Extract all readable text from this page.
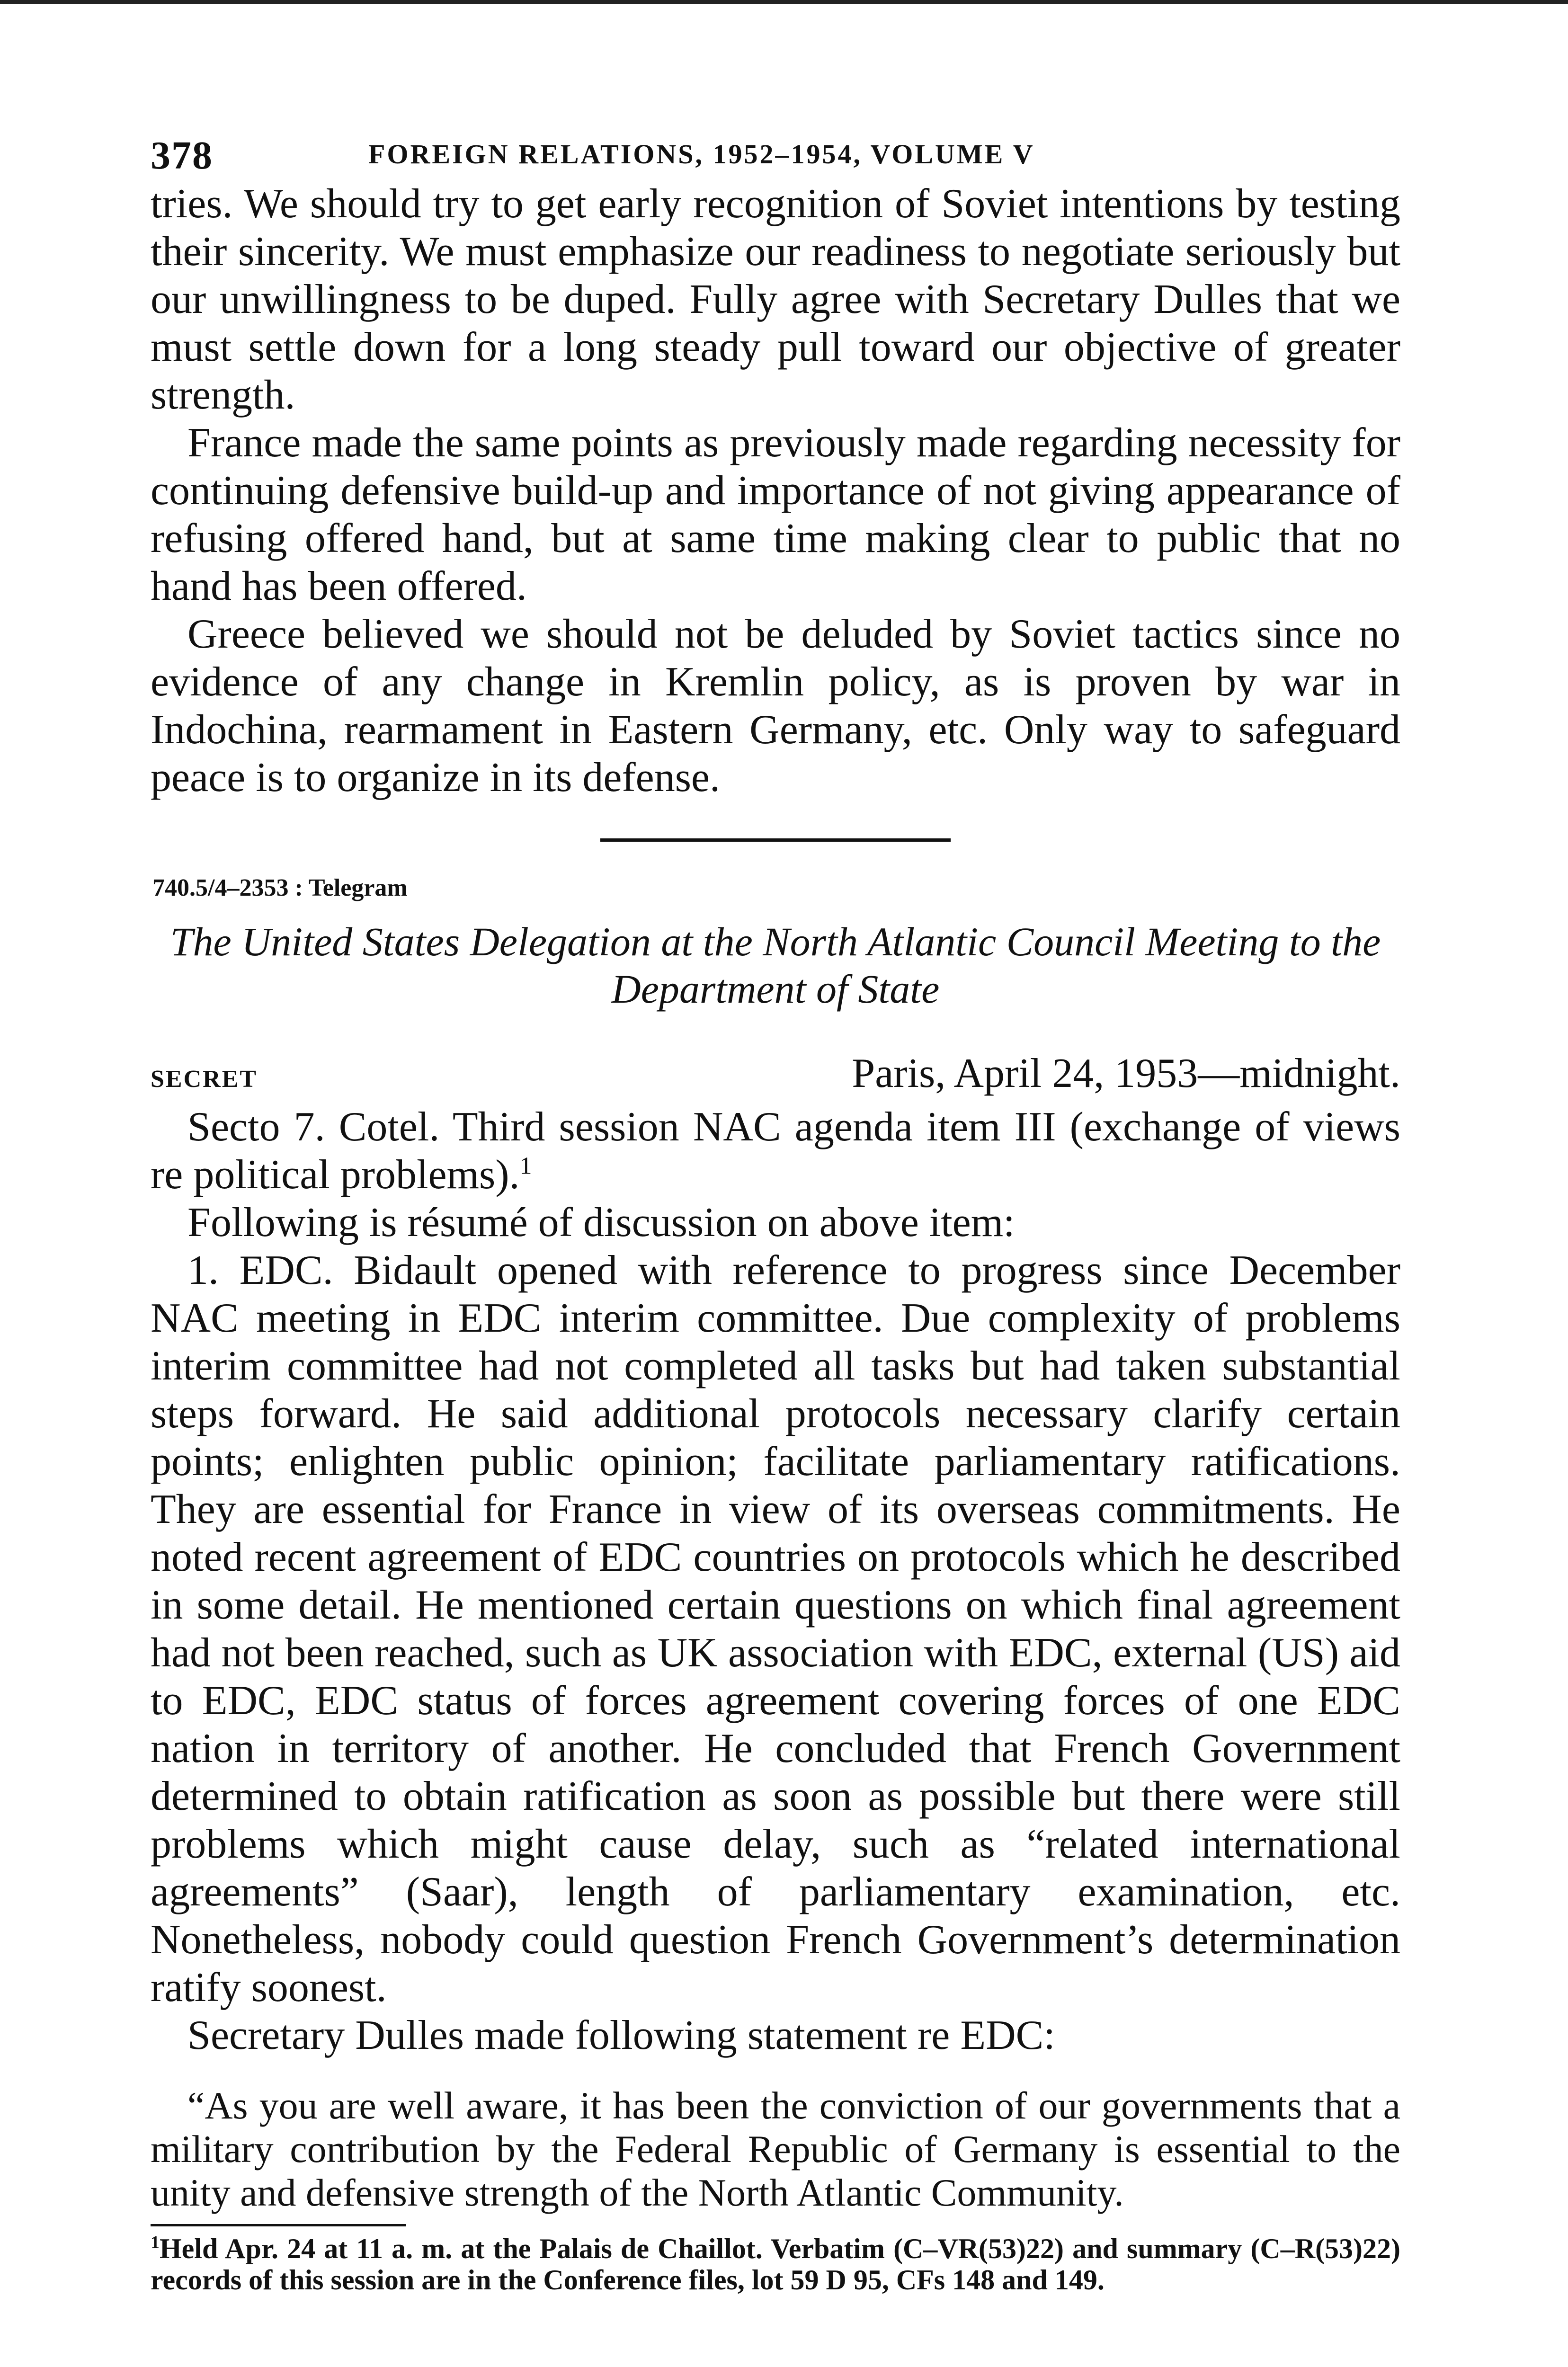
378	FOREIGN RELATIONS, 1952–1954, VOLUME V

tries. We should try to get early recognition of Soviet intentions by testing their sincerity. We must emphasize our readiness to negotiate seriously but our unwillingness to be duped. Fully agree with Secretary Dulles that we must settle down for a long steady pull toward our objective of greater strength.

France made the same points as previously made regarding necessity for continuing defensive build-up and importance of not giving appearance of refusing offered hand, but at same time making clear to public that no hand has been offered.

Greece believed we should not be deluded by Soviet tactics since no evidence of any change in Kremlin policy, as is proven by war in Indochina, rearmament in Eastern Germany, etc. Only way to safeguard peace is to organize in its defense.

740.5/4–2353 : Telegram
The United States Delegation at the North Atlantic Council Meeting to the Department of State
SECRET	Paris, April 24, 1953—midnight.

Secto 7. Cotel. Third session NAC agenda item III (exchange of views re political problems).$^1$

Following is résumé of discussion on above item:

1. EDC. Bidault opened with reference to progress since December NAC meeting in EDC interim committee. Due complexity of problems interim committee had not completed all tasks but had taken substantial steps forward. He said additional protocols necessary clarify certain points; enlighten public opinion; facilitate parliamentary ratifications. They are essential for France in view of its overseas commitments. He noted recent agreement of EDC countries on protocols which he described in some detail. He mentioned certain questions on which final agreement had not been reached, such as UK association with EDC, external (US) aid to EDC, EDC status of forces agreement covering forces of one EDC nation in territory of another. He concluded that French Government determined to obtain ratification as soon as possible but there were still problems which might cause delay, such as “related international agreements” (Saar), length of parliamentary examination, etc. Nonetheless, nobody could question French Government’s determination ratify soonest.

Secretary Dulles made following statement re EDC:

“As you are well aware, it has been the conviction of our governments that a military contribution by the Federal Republic of Germany is essential to the unity and defensive strength of the North Atlantic Community.
$^1$Held Apr. 24 at 11 a. m. at the Palais de Chaillot. Verbatim (C–VR(53)22) and summary (C–R(53)22) records of this session are in the Conference files, lot 59 D 95, CFs 148 and 149.
